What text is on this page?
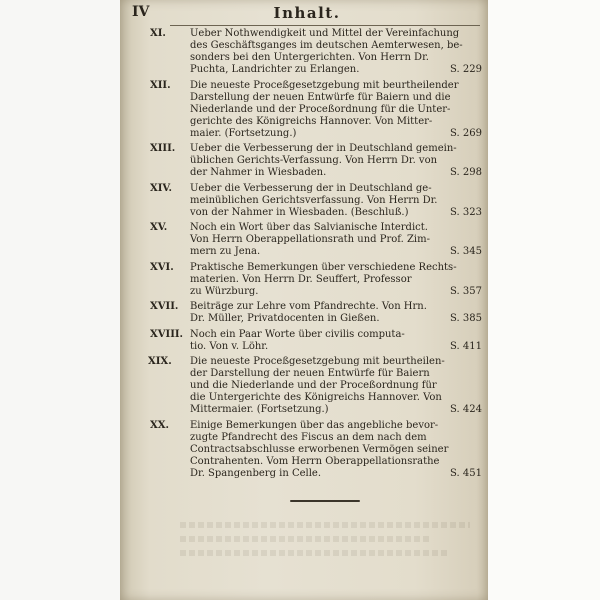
IV	Inhalt.
XI.	Ueber Nothwendigkeit und Mittel der Vereinfachung
des Geschäftsganges im deutschen Aemterwesen, be-
sonders bei den Untergerichten. Von Herrn Dr.
Puchta, Landrichter zu Erlangen.	S. 229
XII.	Die neueste Proceßgesetzgebung mit beurtheilender
Darstellung der neuen Entwürfe für Baiern und die
Niederlande und der Proceßordnung für die Unter-
gerichte des Königreichs Hannover. Von Mitter-
maier. (Fortsetzung.)	S. 269
XIII.	Ueber die Verbesserung der in Deutschland gemein-
üblichen Gerichts-Verfassung. Von Herrn Dr. von
der Nahmer in Wiesbaden.	S. 298
XIV.	Ueber die Verbesserung der in Deutschland ge-
meinüblichen Gerichtsverfassung. Von Herrn Dr.
von der Nahmer in Wiesbaden. (Beschluß.)	S. 323
XV.	Noch ein Wort über das Salvianische Interdict.
Von Herrn Oberappellationsrath und Prof. Zim-
mern zu Jena.	S. 345
XVI.	Praktische Bemerkungen über verschiedene Rechts-
materien. Von Herrn Dr. Seuffert, Professor
zu Würzburg.	S. 357
XVII.	Beiträge zur Lehre vom Pfandrechte. Von Hrn.
Dr. Müller, Privatdocenten in Gießen.	S. 385
XVIII. Noch ein Paar Worte über civilis computa-
tio. Von v. Löhr.	S. 411
XIX.	Die neueste Proceßgesetzgebung mit beurtheilen-
der Darstellung der neuen Entwürfe für Baiern
und die Niederlande und der Proceßordnung für
die Untergerichte des Königreichs Hannover. Von
Mittermaier. (Fortsetzung.)	S. 424
XX.	Einige Bemerkungen über das angebliche bevor-
zugte Pfandrecht des Fiscus an dem nach dem
Contractsabschlusse erworbenen Vermögen seiner
Contrahenten. Vom Herrn Oberappellationsrathe
Dr. Spangenberg in Celle.	S. 451
